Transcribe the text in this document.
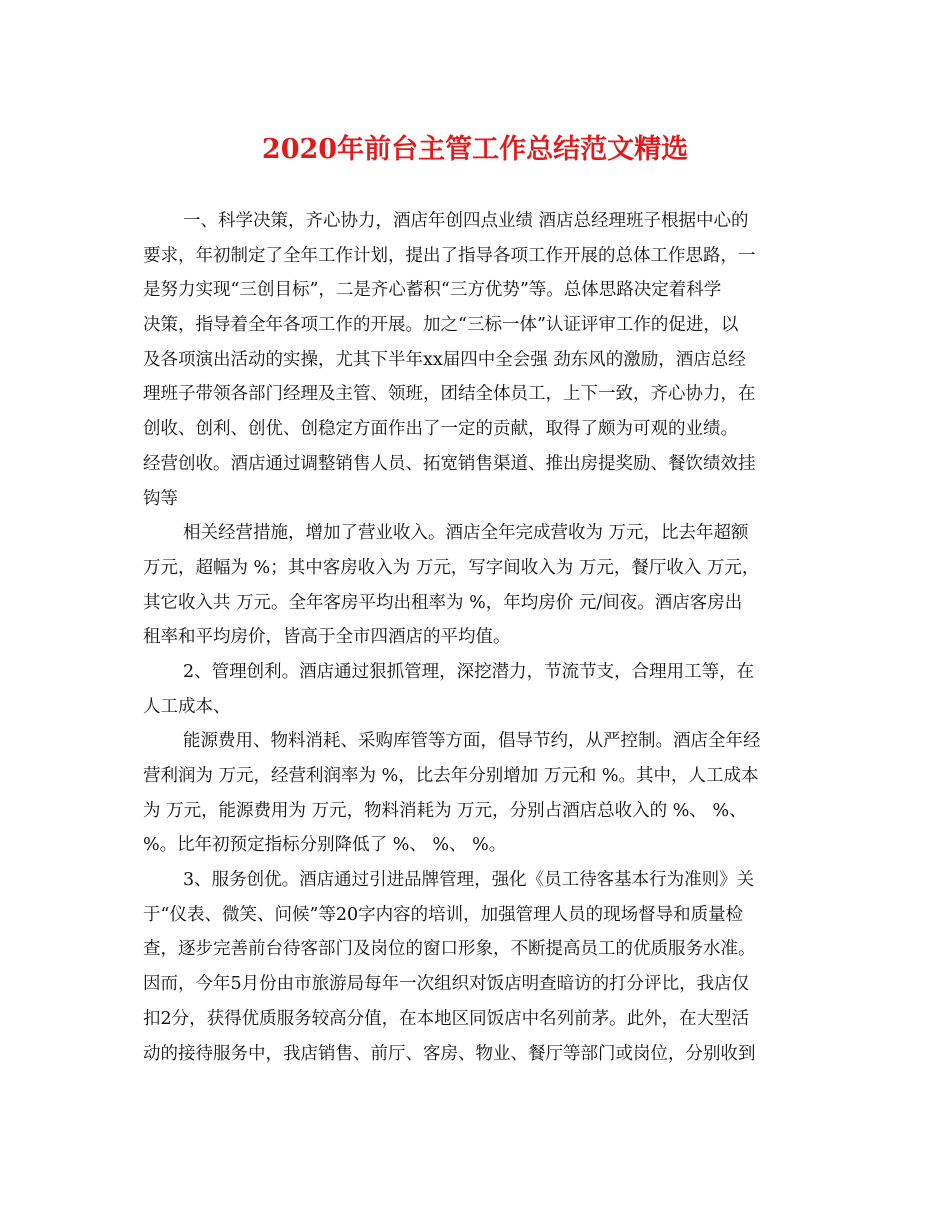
2020年前台主管工作总结范文精选
一、科学决策，齐心协力，酒店年创四点业绩 酒店总经理班子根据中心的
要求，年初制定了全年工作计划，提出了指导各项工作开展的总体工作思路，一
是努力实现“三创目标”，二是齐心蓄积“三方优势”等。总体思路决定着科学
决策，指导着全年各项工作的开展。加之“三标一体”认证评审工作的促进，以
及各项演出活动的实操，尤其下半年xx届四中全会强 劲东风的激励，酒店总经
理班子带领各部门经理及主管、领班，团结全体员工，上下一致，齐心协力，在
创收、创利、创优、创稳定方面作出了一定的贡献，取得了颇为可观的业绩。
经营创收。酒店通过调整销售人员、拓宽销售渠道、推出房提奖励、餐饮绩效挂
钩等
相关经营措施，增加了营业收入。酒店全年完成营收为 万元，比去年超额
万元，超幅为 %；其中客房收入为 万元，写字间收入为 万元，餐厅收入 万元，
其它收入共 万元。全年客房平均出租率为 %，年均房价 元/间夜。酒店客房出
租率和平均房价，皆高于全市四酒店的平均值。
2、管理创利。酒店通过狠抓管理，深挖潜力，节流节支，合理用工等，在
人工成本、
能源费用、物料消耗、采购库管等方面，倡导节约，从严控制。酒店全年经
营利润为 万元，经营利润率为 %，比去年分别增加 万元和 %。其中，人工成本
为 万元，能源费用为 万元，物料消耗为 万元，分别占酒店总收入的 %、 %、
%。比年初预定指标分别降低了 %、 %、 %。
3、服务创优。酒店通过引进品牌管理，强化《员工待客基本行为准则》关
于“仪表、微笑、问候”等20字内容的培训，加强管理人员的现场督导和质量检
查，逐步完善前台待客部门及岗位的窗口形象，不断提高员工的优质服务水准。
因而，今年5月份由市旅游局每年一次组织对饭店明查暗访的打分评比，我店仅
扣2分，获得优质服务较高分值，在本地区同饭店中名列前茅。此外，在大型活
动的接待服务中，我店销售、前厅、客房、物业、餐厅等部门或岗位，分别收到
